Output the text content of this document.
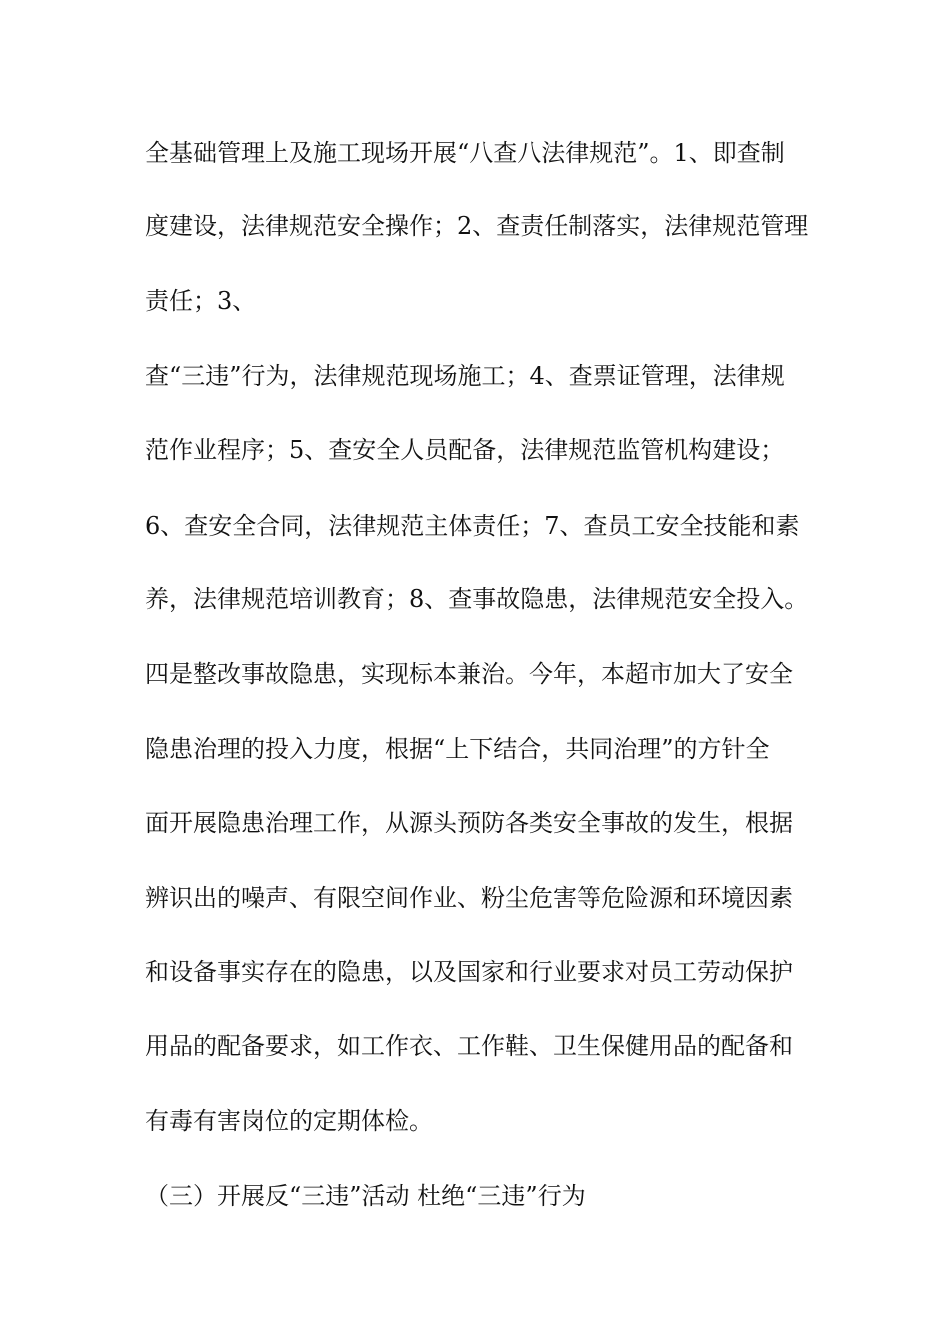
全基础管理上及施工现场开展“八查八法律规范”。1、即查制
度建设，法律规范安全操作；2、查责任制落实，法律规范管理
责任；3、
查“三违”行为，法律规范现场施工；4、查票证管理，法律规
范作业程序；5、查安全人员配备，法律规范监管机构建设；
6、查安全合同，法律规范主体责任；7、查员工安全技能和素
养，法律规范培训教育；8、查事故隐患，法律规范安全投入。
四是整改事故隐患，实现标本兼治。今年，本超市加大了安全
隐患治理的投入力度，根据“上下结合，共同治理”的方针全
面开展隐患治理工作，从源头预防各类安全事故的发生，根据
辨识出的噪声、有限空间作业、粉尘危害等危险源和环境因素
和设备事实存在的隐患，以及国家和行业要求对员工劳动保护
用品的配备要求，如工作衣、工作鞋、卫生保健用品的配备和
有毒有害岗位的定期体检。
（三）开展反“三违”活动 杜绝“三违”行为
